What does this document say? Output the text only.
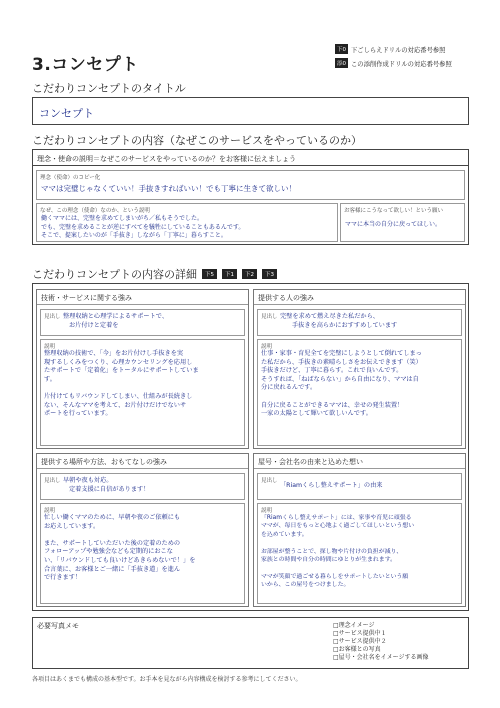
3.コンセプト
下0 下ごしらえドリルの対応番号参照
添0 この添削作成ドリルの対応番号参照
こだわりコンセプトのタイトル
コンセプト
こだわりコンセプトの内容（なぜこのサービスをやっているのか）
理念・使命の説明＝なぜこのサービスをやっているのか？をお客様に伝えましょう
理念（使命）のコピー化
ママは完璧じゃなくていい！手抜きすればいい！でも丁寧に生きて欲しい！
なぜ、この理念（使命）なのか、という説明
働くママには、完璧を求めてしまいがち／私もそうでした。
でも、完璧を求めることが逆にすべてを犠牲にしていることもあるんです。
そこで、提案したいのが「手抜き」しながら「丁寧に」暮らすこと。
お客様にこうなって欲しい！という願い
ママに本当の自分に戻ってほしい。
こだわりコンセプトの内容の詳細	下5	下1	下2	下3
技術・サービスに関する強み
見出し 整理収納と心理学によるサポートで、
お片付けと定着を
説明
整理収納の技術で、「今」をお片付けし手抜きを実
現するしくみをつくり、心理カウンセリングを応用し
たサポートで「定着化」をトータルにサポートしていま
す。
片付けてもリバウンドしてしまい、仕組みが長続きし
ない、そんなママを考えて、お片付けだけでないサ
ポートを行っています。
提供する人の強み
見出し 完璧を求めて燃え尽きた私だから、
手抜きを高らかにおすすめしています
説明
仕事・家事・育児全てを完璧にしようとして倒れてしまっ
た私だから、手抜きの素晴らしさをお伝えできます（笑）
手抜きだけど、丁寧に暮らす。これで良いんです。
そうすれば、「ねばならない」から自由になり、ママは自
分に戻れるんです。
自分に戻ることができるママは、幸せの発生装置！
一家の太陽として輝いて欲しいんです。
提供する場所や方法、おもてなしの強み
見出し 早朝や夜も対応。
定着支援に自信があります！
説明
忙しい働くママのために、早朝や夜のご依頼にも
お応えしています。
また、サポートしていただいた後の定着のための
フォローアップや勉強会なども定期的におこな
い、「リバウンドしても良いけどあきらめないで！」を
合言葉に、お客様とご一緒に「手抜き道」を進ん
で行きます！
屋号・会社名の由来と込めた想い
見出し
「Riamくらし整えサポート」の由来
説明
「Riamくらし整えサポート」には、家事や育児に頑張る
ママが、毎日をもっと心地よく過ごしてほしいという想い
を込めています。
お部屋が整うことで、探し物や片付けの負担が減り、
家族との時間や自分の時間にゆとりが生まれます。
ママが笑顔で過ごせる暮らしをサポートしたいという願
いから、この屋号をつけました。
必要写真メモ	□理念イメージ
□サービス提供中１
□サービス提供中２
□お客様との写真
□屋号・会社名をイメージする画像
各項目はあくまでも構成の基本型です。お手本を見ながら内容構成を検討する参考にしてください。
